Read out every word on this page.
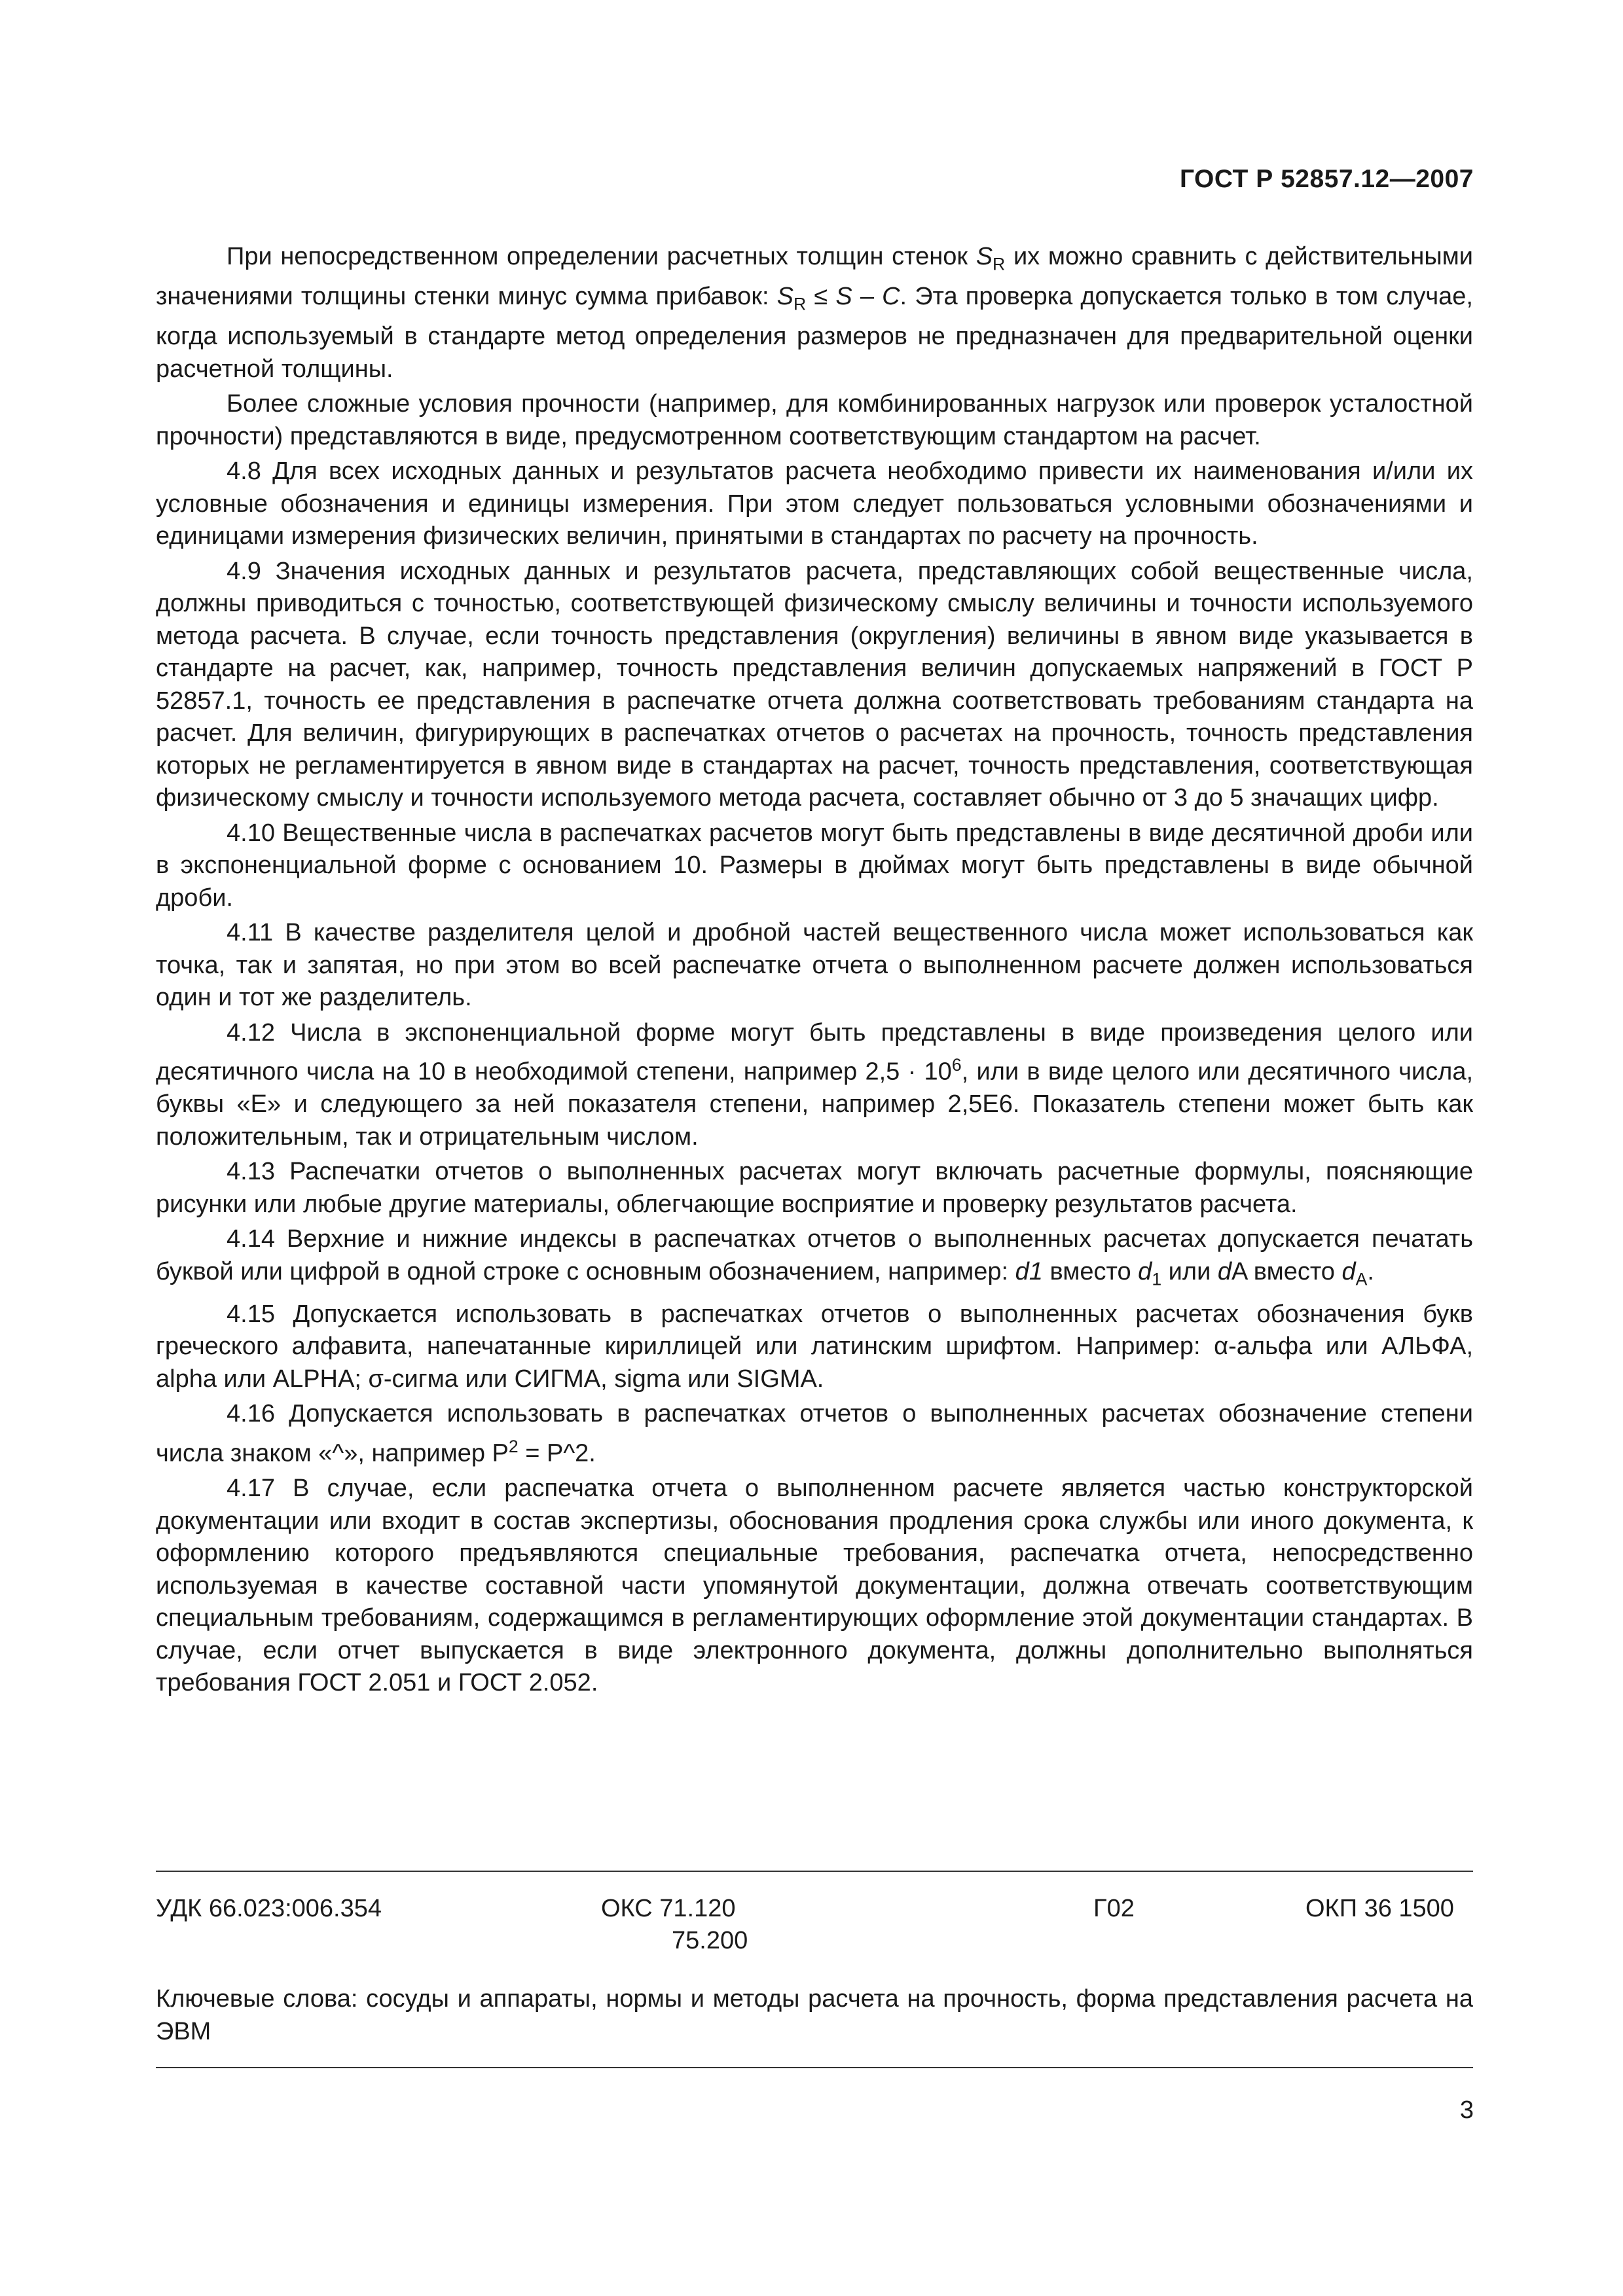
ГОСТ Р 52857.12—2007

При непосредственном определении расчетных толщин стенок $S_R$ их можно сравнить с действительными значениями толщины стенки минус сумма прибавок: $S_R \le S - C$. Эта проверка допускается только в том случае, когда используемый в стандарте метод определения размеров не предназначен для предварительной оценки расчетной толщины.

Более сложные условия прочности (например, для комбинированных нагрузок или проверок усталостной прочности) представляются в виде, предусмотренном соответствующим стандартом на расчет.

4.8 Для всех исходных данных и результатов расчета необходимо привести их наименования и/или их условные обозначения и единицы измерения. При этом следует пользоваться условными обозначениями и единицами измерения физических величин, принятыми в стандартах по расчету на прочность.

4.9 Значения исходных данных и результатов расчета, представляющих собой вещественные числа, должны приводиться с точностью, соответствующей физическому смыслу величины и точности используемого метода расчета. В случае, если точность представления (округления) величины в явном виде указывается в стандарте на расчет, как, например, точность представления величин допускаемых напряжений в ГОСТ Р 52857.1, точность ее представления в распечатке отчета должна соответствовать требованиям стандарта на расчет. Для величин, фигурирующих в распечатках отчетов о расчетах на прочность, точность представления которых не регламентируется в явном виде в стандартах на расчет, точность представления, соответствующая физическому смыслу и точности используемого метода расчета, составляет обычно от 3 до 5 значащих цифр.

4.10 Вещественные числа в распечатках расчетов могут быть представлены в виде десятичной дроби или в экспоненциальной форме с основанием 10. Размеры в дюймах могут быть представлены в виде обычной дроби.

4.11 В качестве разделителя целой и дробной частей вещественного числа может использоваться как точка, так и запятая, но при этом во всей распечатке отчета о выполненном расчете должен использоваться один и тот же разделитель.

4.12 Числа в экспоненциальной форме могут быть представлены в виде произведения целого или десятичного числа на 10 в необходимой степени, например $2,5 \cdot 10^6$, или в виде целого или десятичного числа, буквы «Е» и следующего за ней показателя степени, например 2,5Е6. Показатель степени может быть как положительным, так и отрицательным числом.

4.13 Распечатки отчетов о выполненных расчетах могут включать расчетные формулы, поясняющие рисунки или любые другие материалы, облегчающие восприятие и проверку результатов расчета.

4.14 Верхние и нижние индексы в распечатках отчетов о выполненных расчетах допускается печатать буквой или цифрой в одной строке с основным обозначением, например: d1 вместо $d_1$ или dA вместо $d_A$.

4.15 Допускается использовать в распечатках отчетов о выполненных расчетах обозначения букв греческого алфавита, напечатанные кириллицей или латинским шрифтом. Например: α-альфа или АЛЬФА, alpha или ALPHA; σ-сигма или СИГМА, sigma или SIGMA.

4.16 Допускается использовать в распечатках отчетов о выполненных расчетах обозначение степени числа знаком «^», например $P^2$ = P^2.

4.17 В случае, если распечатка отчета о выполненном расчете является частью конструкторской документации или входит в состав экспертизы, обоснования продления срока службы или иного документа, к оформлению которого предъявляются специальные требования, распечатка отчета, непосредственно используемая в качестве составной части упомянутой документации, должна отвечать соответствующим специальным требованиям, содержащимся в регламентирующих оформление этой документации стандартах. В случае, если отчет выпускается в виде электронного документа, должны дополнительно выполняться требования ГОСТ 2.051 и ГОСТ 2.052.

УДК 66.023:006.354	ОКС 71.120
75.200
Г02	ОКП 36 1500
Ключевые слова: сосуды и аппараты, нормы и методы расчета на прочность, форма представления расчета на ЭВМ
3
